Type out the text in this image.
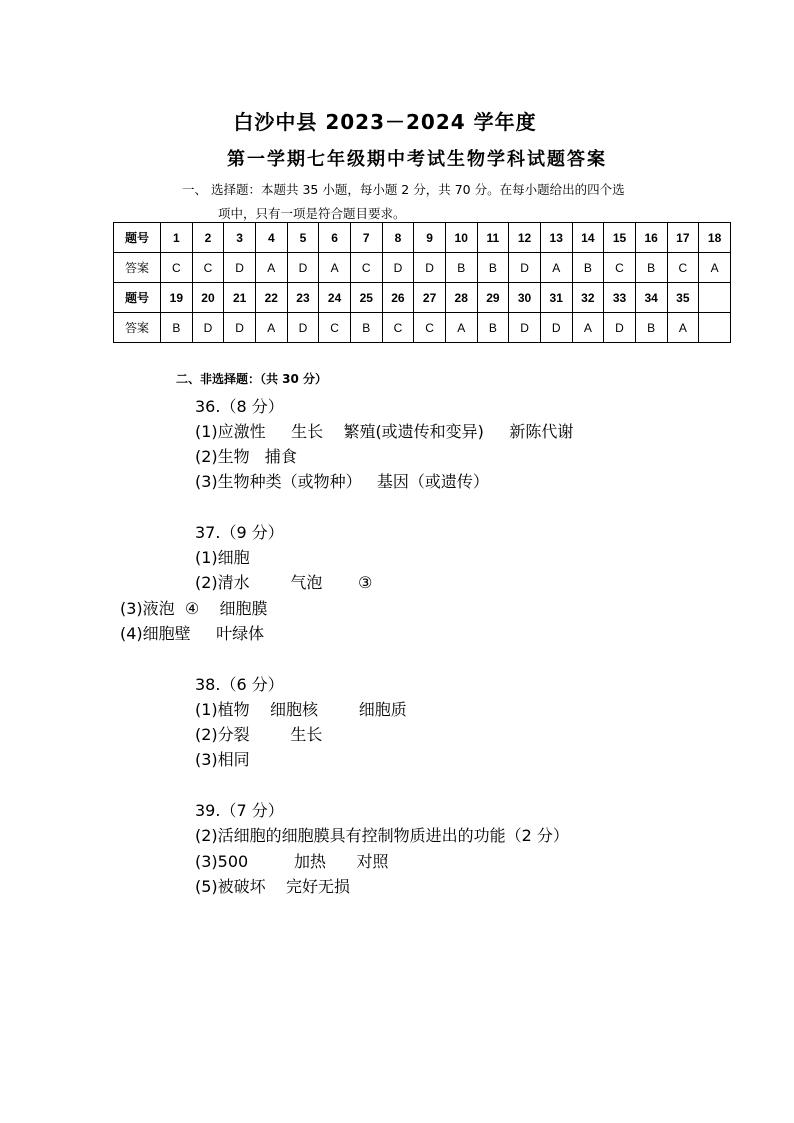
白沙中县 2023－2024 学年度
第一学期七年级期中考试生物学科试题答案
一、 选择题：本题共 35 小题，每小题 2 分，共 70 分。在每小题给出的四个选
项中，只有一项是符合题目要求。
题号	1	2	3	4	5	6	7	8	9	10	11	12	13	14	15	16	17	18
答案	C	C	D	A	D	A	C	D	D	B	B	D	A	B	C	B	C	A
题号	19	20	21	22	23	24	25	26	27	28	29	30	31	32	33	34	35	
答案	B	D	D	A	D	C	B	C	C	A	B	D	D	A	D	B	A	
二、非选择题：（共 30 分）
36.（8 分）
(1)应激性     生长    繁殖(或遗传和变异)     新陈代谢
(2)生物   捕食
(3)生物种类（或物种）   基因（或遗传）
37.（9 分）
(1)细胞
(2)清水        气泡       ③
(3)液泡  ④    细胞膜
(4)细胞壁     叶绿体
38.（6 分）
(1)植物    细胞核        细胞质
(2)分裂        生长
(3)相同
39.（7 分）
(2)活细胞的细胞膜具有控制物质进出的功能（2 分）
(3)500         加热      对照
(5)被破坏    完好无损
